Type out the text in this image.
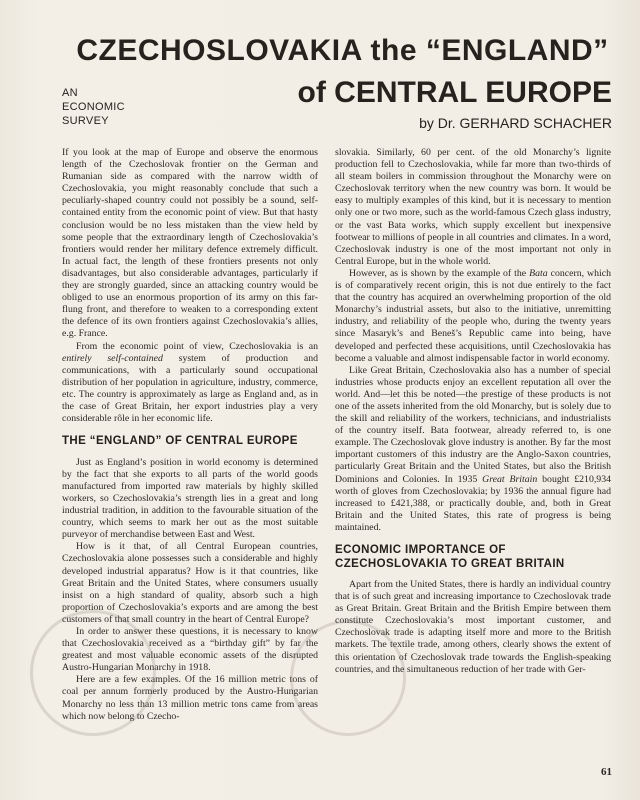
CZECHOSLOVAKIA the “ENGLAND”
of CENTRAL EUROPE
AN
ECONOMIC
SURVEY	by Dr. GERHARD SCHACHER

If you look at the map of Europe and observe the enormous length of the Czechoslovak frontier on the German and Rumanian side as compared with the narrow width of Czechoslovakia, you might reasonably conclude that such a peculiarly-shaped country could not possibly be a sound, self-contained entity from the economic point of view. But that hasty conclusion would be no less mistaken than the view held by some people that the extraordinary length of Czechoslovakia’s frontiers would render her military defence extremely difficult. In actual fact, the length of these frontiers presents not only disadvantages, but also considerable advantages, particularly if they are strongly guarded, since an attacking country would be obliged to use an enormous proportion of its army on this far-flung front, and therefore to weaken to a corresponding extent the defence of its own frontiers against Czechoslovakia’s allies, e.g. France.

From the economic point of view, Czechoslovakia is an entirely self-contained system of production and communications, with a particularly sound occupational distribution of her population in agriculture, industry, commerce, etc. The country is approximately as large as England and, as in the case of Great Britain, her export industries play a very considerable rôle in her economic life.

THE “ENGLAND” OF CENTRAL EUROPE

Just as England’s position in world economy is determined by the fact that she exports to all parts of the world goods manufactured from imported raw materials by highly skilled workers, so Czechoslovakia’s strength lies in a great and long industrial tradition, in addition to the favourable situation of the country, which seems to mark her out as the most suitable purveyor of merchandise between East and West.

How is it that, of all Central European countries, Czechoslovakia alone possesses such a considerable and highly developed industrial apparatus? How is it that countries, like Great Britain and the United States, where consumers usually insist on a high standard of quality, absorb such a high proportion of Czechoslovakia’s exports and are among the best customers of that small country in the heart of Central Europe?

In order to answer these questions, it is necessary to know that Czechoslovakia received as a “birthday gift” by far the greatest and most valuable economic assets of the disrupted Austro-Hungarian Monarchy in 1918.

Here are a few examples. Of the 16 million metric tons of coal per annum formerly produced by the Austro-Hungarian Monarchy no less than 13 million metric tons came from areas which now belong to Czecho-

slovakia. Similarly, 60 per cent. of the old Monarchy’s lignite production fell to Czechoslovakia, while far more than two-thirds of all steam boilers in commission throughout the Monarchy were on Czechoslovak territory when the new country was born. It would be easy to multiply examples of this kind, but it is necessary to mention only one or two more, such as the world-famous Czech glass industry, or the vast Bata works, which supply excellent but inexpensive footwear to millions of people in all countries and climates. In a word, Czechoslovak industry is one of the most important not only in Central Europe, but in the whole world.

However, as is shown by the example of the Bata concern, which is of comparatively recent origin, this is not due entirely to the fact that the country has acquired an overwhelming proportion of the old Monarchy’s industrial assets, but also to the initiative, unremitting industry, and reliability of the people who, during the twenty years since Masaryk’s and Beneš’s Republic came into being, have developed and perfected these acquisitions, until Czechoslovakia has become a valuable and almost indispensable factor in world economy.

Like Great Britain, Czechoslovakia also has a number of special industries whose products enjoy an excellent reputation all over the world. And—let this be noted—the prestige of these products is not one of the assets inherited from the old Monarchy, but is solely due to the skill and reliability of the workers, technicians, and industrialists of the country itself. Bata footwear, already referred to, is one example. The Czechoslovak glove industry is another. By far the most important customers of this industry are the Anglo-Saxon countries, particularly Great Britain and the United States, but also the British Dominions and Colonies. In 1935 Great Britain bought £210,934 worth of gloves from Czechoslovakia; by 1936 the annual figure had increased to £421,388, or practically double, and, both in Great Britain and the United States, this rate of progress is being maintained.

ECONOMIC IMPORTANCE OF CZECHOSLOVAKIA TO GREAT BRITAIN

Apart from the United States, there is hardly an individual country that is of such great and increasing importance to Czechoslovak trade as Great Britain. Great Britain and the British Empire between them constitute Czechoslovakia’s most important customer, and Czechoslovak trade is adapting itself more and more to the British markets. The textile trade, among others, clearly shows the extent of this orientation of Czechoslovak trade towards the English-speaking countries, and the simultaneous reduction of her trade with Ger-

61
